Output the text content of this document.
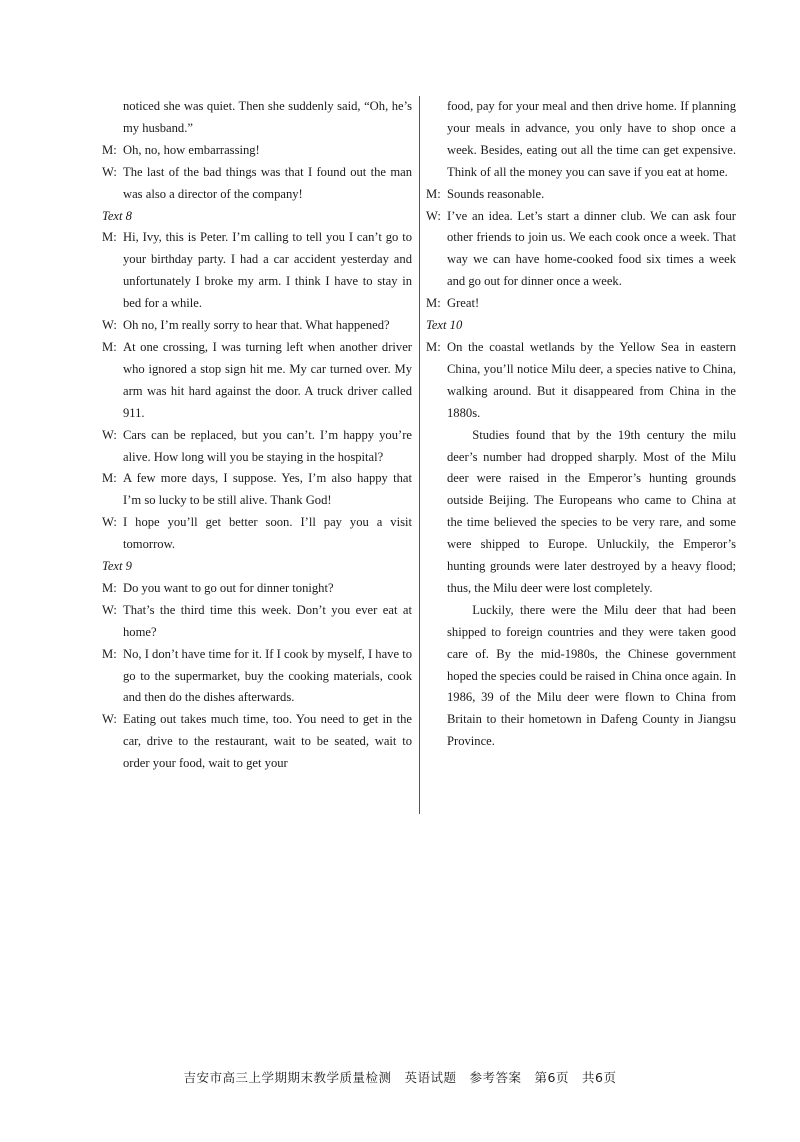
noticed she was quiet. Then she suddenly said, “Oh, he’s my husband.”
M: Oh, no, how embarrassing!
W: The last of the bad things was that I found out the man was also a director of the company!
Text 8
M: Hi, Ivy, this is Peter. I’m calling to tell you I can’t go to your birthday party. I had a car accident yesterday and unfortunately I broke my arm. I think I have to stay in bed for a while.
W: Oh no, I’m really sorry to hear that. What happened?
M: At one crossing, I was turning left when another driver who ignored a stop sign hit me. My car turned over. My arm was hit hard against the door. A truck driver called 911.
W: Cars can be replaced, but you can’t. I’m happy you’re alive. How long will you be staying in the hospital?
M: A few more days, I suppose. Yes, I’m also happy that I’m so lucky to be still alive. Thank God!
W: I hope you’ll get better soon. I’ll pay you a visit tomorrow.
Text 9
M: Do you want to go out for dinner tonight?
W: That’s the third time this week. Don’t you ever eat at home?
M: No, I don’t have time for it. If I cook by myself, I have to go to the supermarket, buy the cooking materials, cook and then do the dishes afterwards.
W: Eating out takes much time, too. You need to get in the car, drive to the restaurant, wait to be seated, wait to order your food, wait to get your
food, pay for your meal and then drive home. If planning your meals in advance, you only have to shop once a week. Besides, eating out all the time can get expensive. Think of all the money you can save if you eat at home.
M: Sounds reasonable.
W: I’ve an idea. Let’s start a dinner club. We can ask four other friends to join us. We each cook once a week. That way we can have home-cooked food six times a week and go out for dinner once a week.
M: Great!
Text 10
M: On the coastal wetlands by the Yellow Sea in eastern China, you’ll notice Milu deer, a species native to China, walking around. But it disappeared from China in the 1880s.
Studies found that by the 19th century the milu deer’s number had dropped sharply. Most of the Milu deer were raised in the Emperor’s hunting grounds outside Beijing. The Europeans who came to China at the time believed the species to be very rare, and some were shipped to Europe. Unluckily, the Emperor’s hunting grounds were later destroyed by a heavy flood; thus, the Milu deer were lost completely.
Luckily, there were the Milu deer that had been shipped to foreign countries and they were taken good care of. By the mid-1980s, the Chinese government hoped the species could be raised in China once again. In 1986, 39 of the Milu deer were flown to China from Britain to their hometown in Dafeng County in Jiangsu Province.
吉安市高三上学期期末教学质量检测　英语试题　参考答案　第6页　共6页
